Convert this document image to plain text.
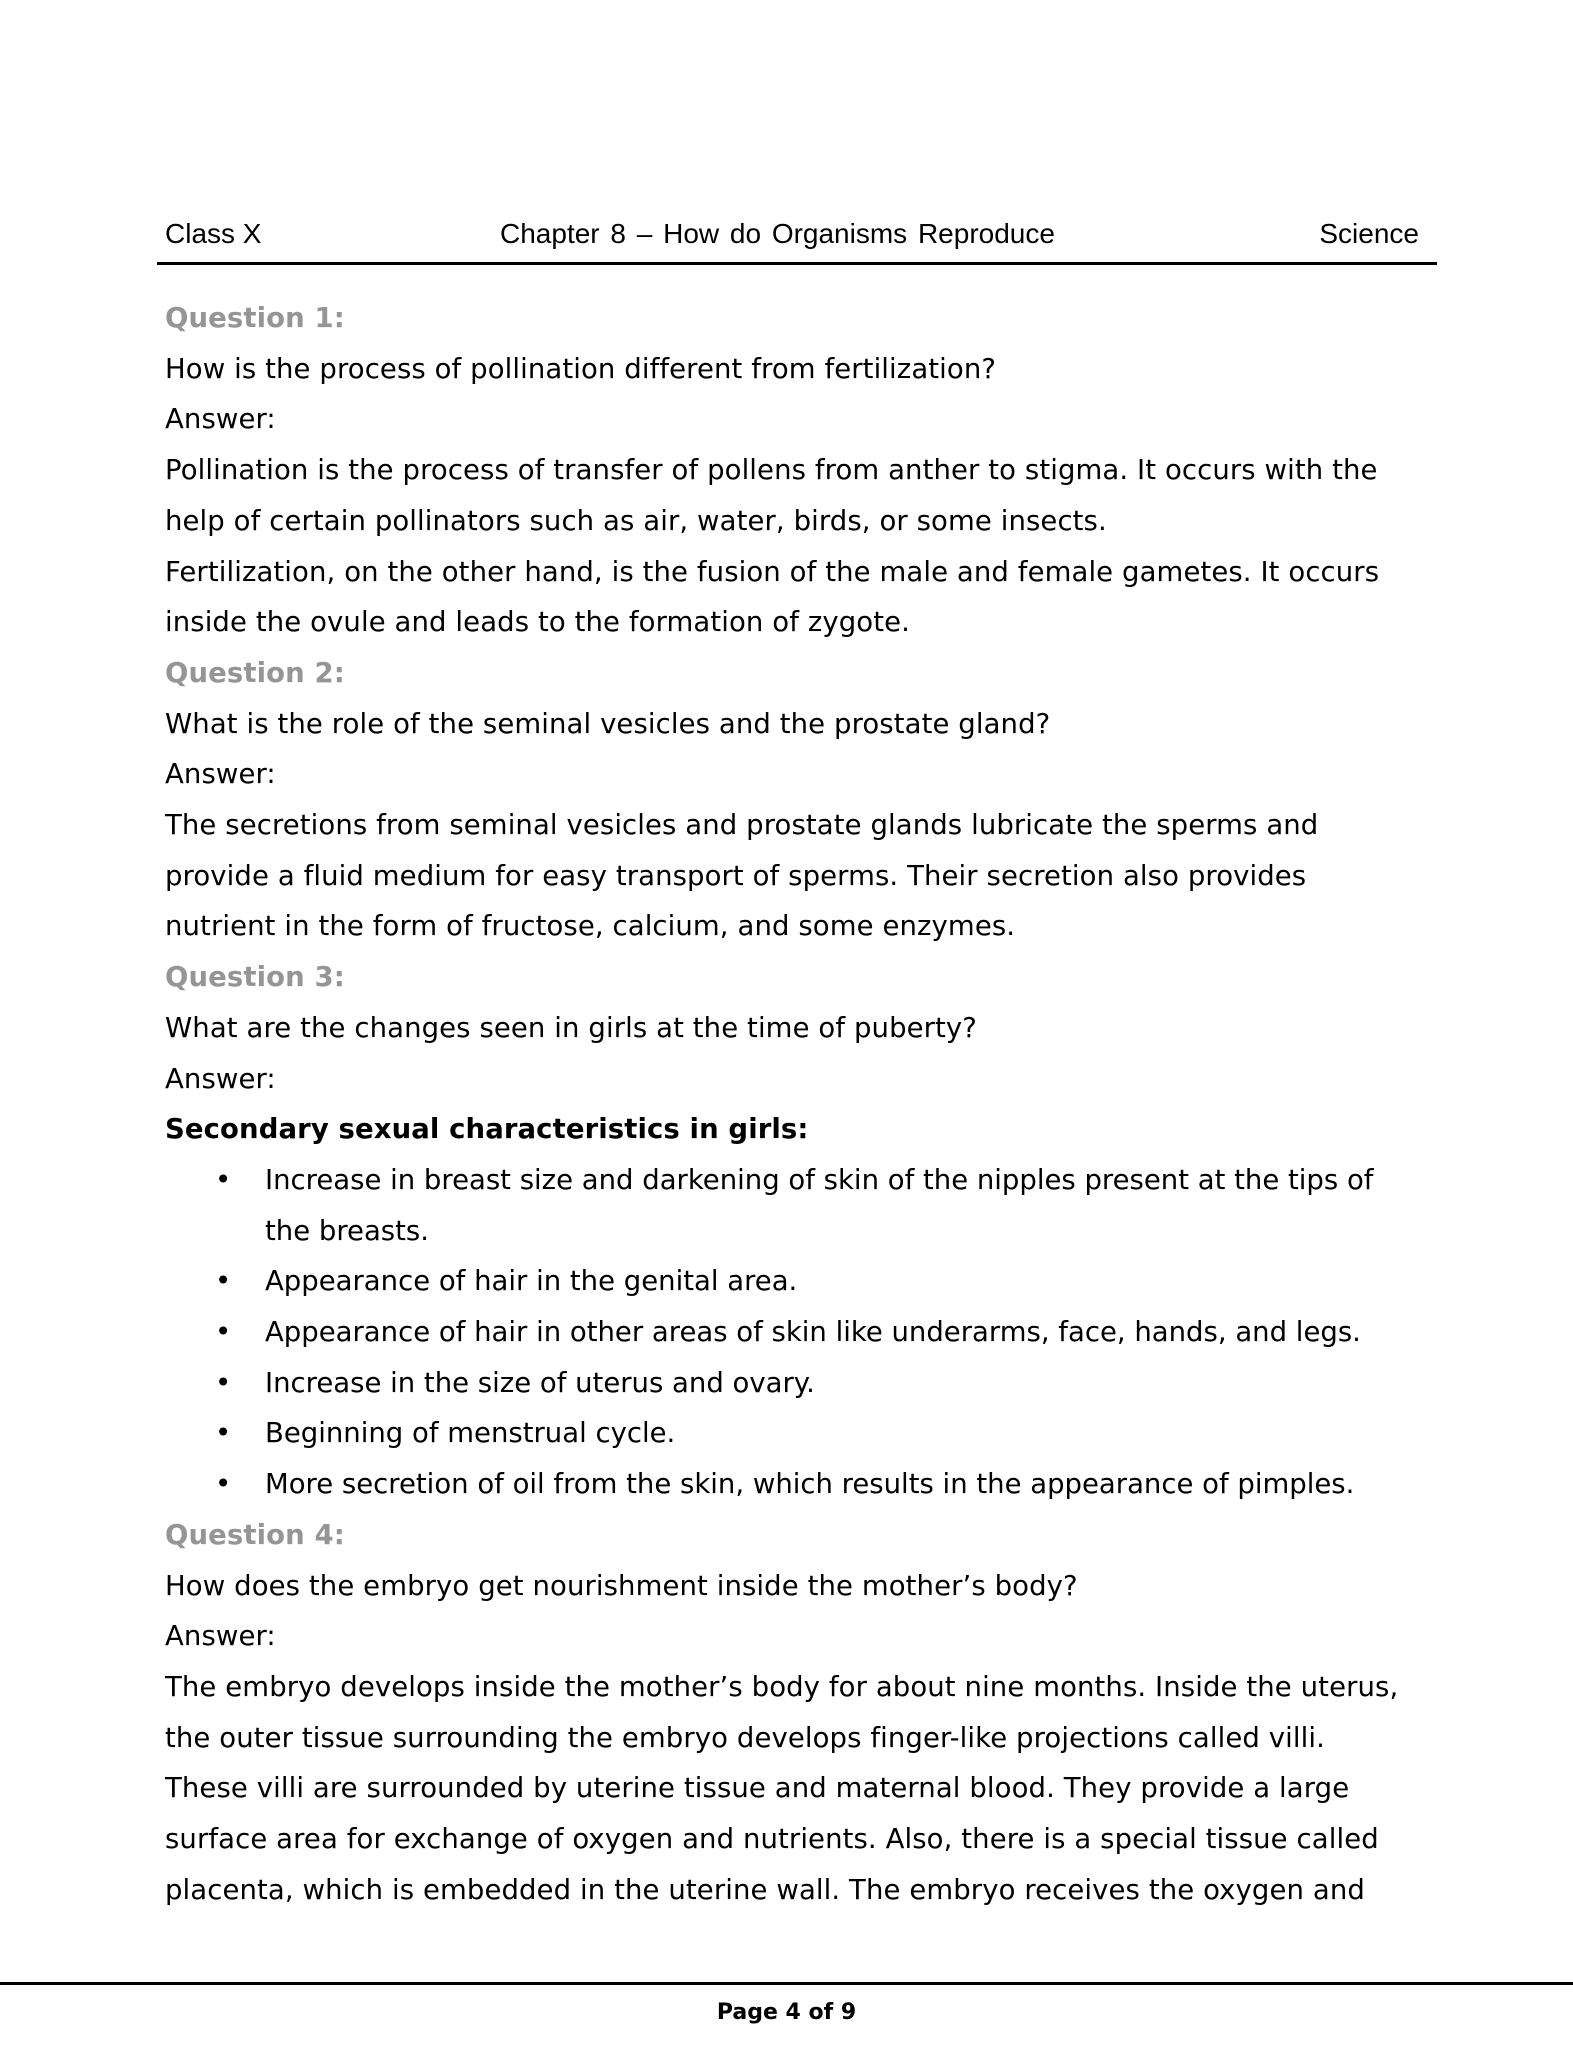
Class X	Chapter 8 – How do Organisms Reproduce	Science
Question 1:
How is the process of pollination different from fertilization?
Answer:
Pollination is the process of transfer of pollens from anther to stigma. It occurs with the
help of certain pollinators such as air, water, birds, or some insects.
Fertilization, on the other hand, is the fusion of the male and female gametes. It occurs
inside the ovule and leads to the formation of zygote.
Question 2:
What is the role of the seminal vesicles and the prostate gland?
Answer:
The secretions from seminal vesicles and prostate glands lubricate the sperms and
provide a fluid medium for easy transport of sperms. Their secretion also provides
nutrient in the form of fructose, calcium, and some enzymes.
Question 3:
What are the changes seen in girls at the time of puberty?
Answer:
Secondary sexual characteristics in girls:
• Increase in breast size and darkening of skin of the nipples present at the tips of the breasts.
• Appearance of hair in the genital area.
• Appearance of hair in other areas of skin like underarms, face, hands, and legs.
• Increase in the size of uterus and ovary.
• Beginning of menstrual cycle.
• More secretion of oil from the skin, which results in the appearance of pimples.
Question 4:
How does the embryo get nourishment inside the mother’s body?
Answer:
The embryo develops inside the mother’s body for about nine months. Inside the uterus,
the outer tissue surrounding the embryo develops finger-like projections called villi.
These villi are surrounded by uterine tissue and maternal blood. They provide a large
surface area for exchange of oxygen and nutrients. Also, there is a special tissue called
placenta, which is embedded in the uterine wall. The embryo receives the oxygen and
Page 4 of 9
